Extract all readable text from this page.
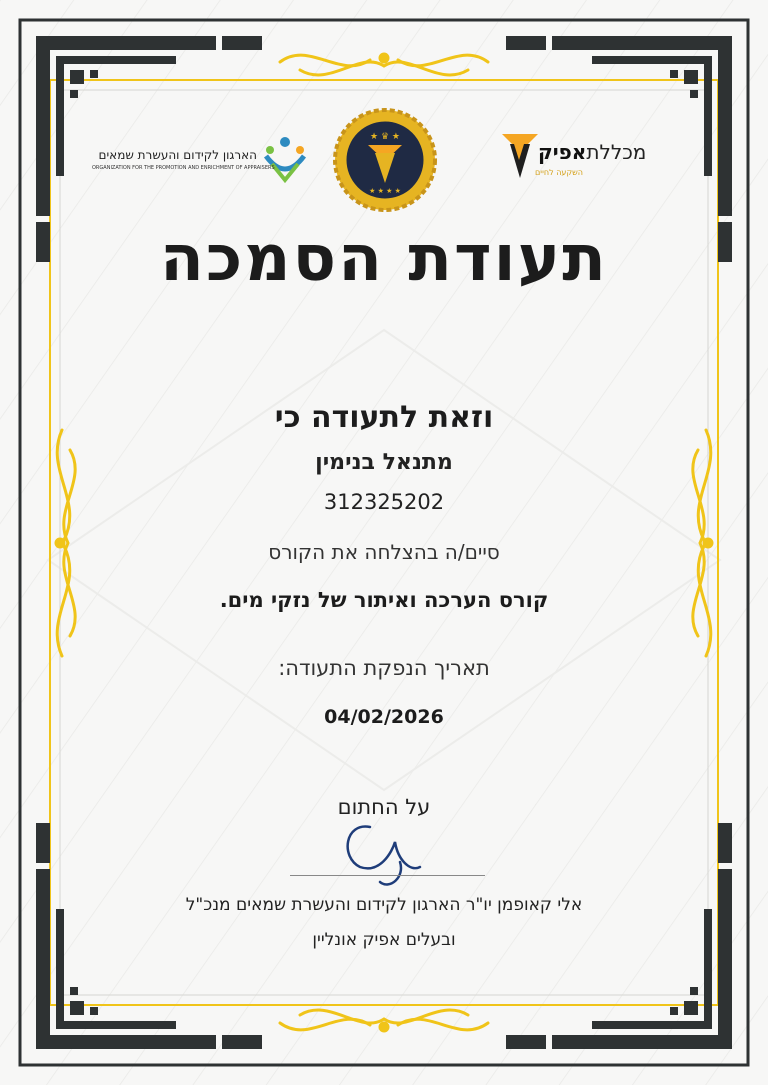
מכללתאפיק
השקעה לחיים
★ ♛ ★
★ ★ ★ ★
הארגון לקידום והעשרת שמאים
ORGANIZATION FOR THE PROMOTION AND ENRICHMENT OF APPRAISERS
תעודת הסמכה
וזאת לתעודה כי
מתנאל בנימין
312325202
סיים/ה בהצלחה את הקורס
קורס הערכה ואיתור של נזקי מים.
תאריך הנפקת התעודה:
04/02/2026
על החתום
אלי קאופמן יו"ר הארגון לקידום והעשרת שמאים מנכ"ל
ובעלים אפיק אונליין
